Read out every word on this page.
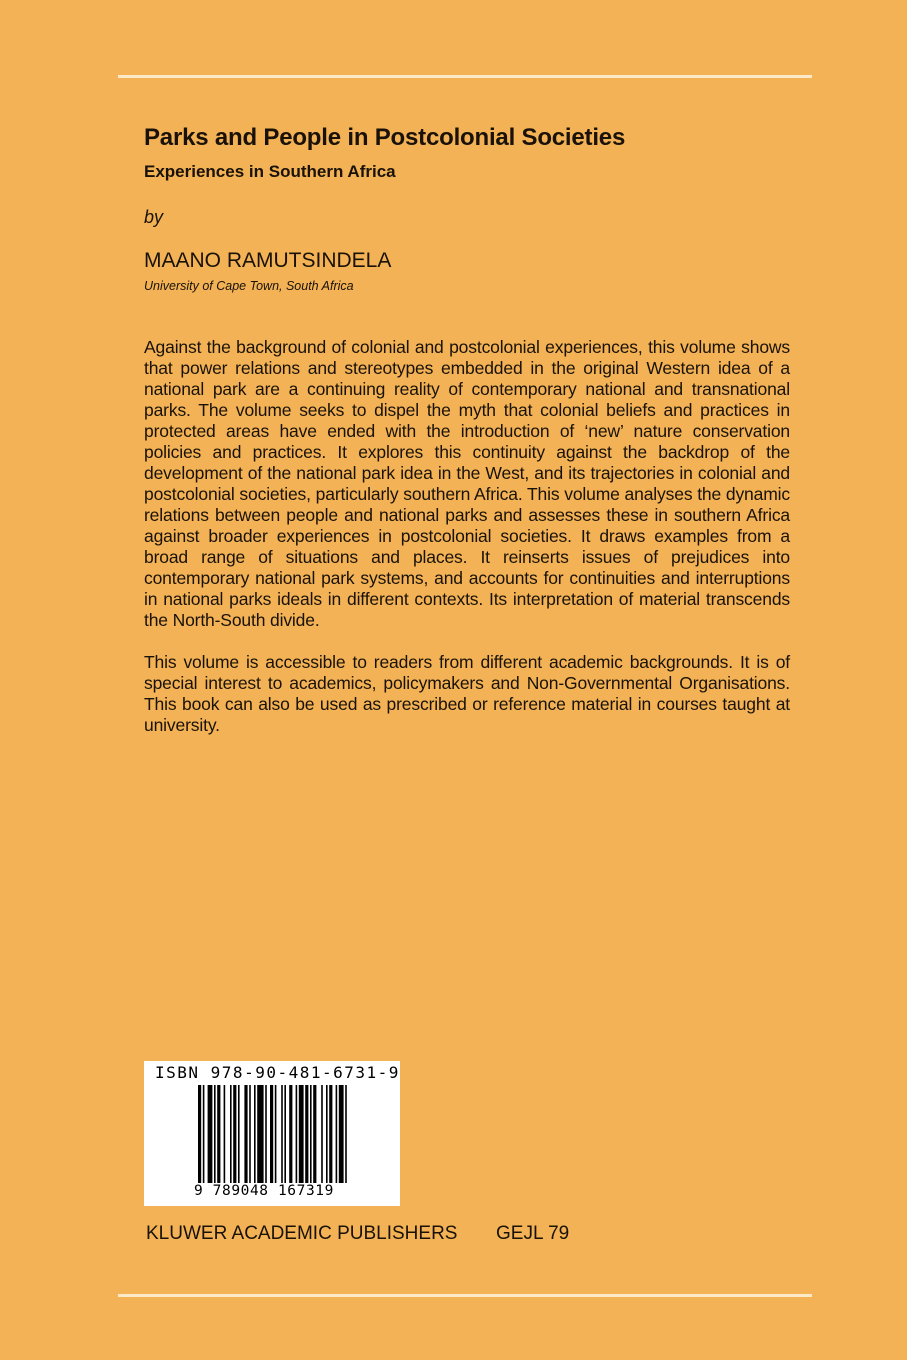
Parks and People in Postcolonial Societies
Experiences in Southern Africa
by
MAANO RAMUTSINDELA
University of Cape Town, South Africa

Against the background of colonial and postcolonial experiences, this volume shows that power relations and stereotypes embedded in the original Western idea of a national park are a continuing reality of contemporary national and transnational parks. The volume seeks to dispel the myth that colonial beliefs and practices in protected areas have ended with the introduction of ‘new’ nature conservation policies and practices. It explores this continuity against the backdrop of the development of the national park idea in the West, and its trajectories in colonial and postcolonial societies, particularly southern Africa. This volume analyses the dynamic relations between people and national parks and assesses these in southern Africa against broader experiences in postcolonial societies. It draws examples from a broad range of situations and places. It reinserts issues of prejudices into contemporary national park systems, and accounts for continuities and interruptions in national parks ideals in different contexts. Its interpretation of material transcends the North-South divide.

This volume is accessible to readers from different academic backgrounds. It is of special interest to academics, policymakers and Non-Governmental Organisations. This book can also be used as prescribed or reference material in courses taught at university.

ISBN 978-90-481-6731-9
9 789048 167319
KLUWER ACADEMIC PUBLISHERS GEJL 79
